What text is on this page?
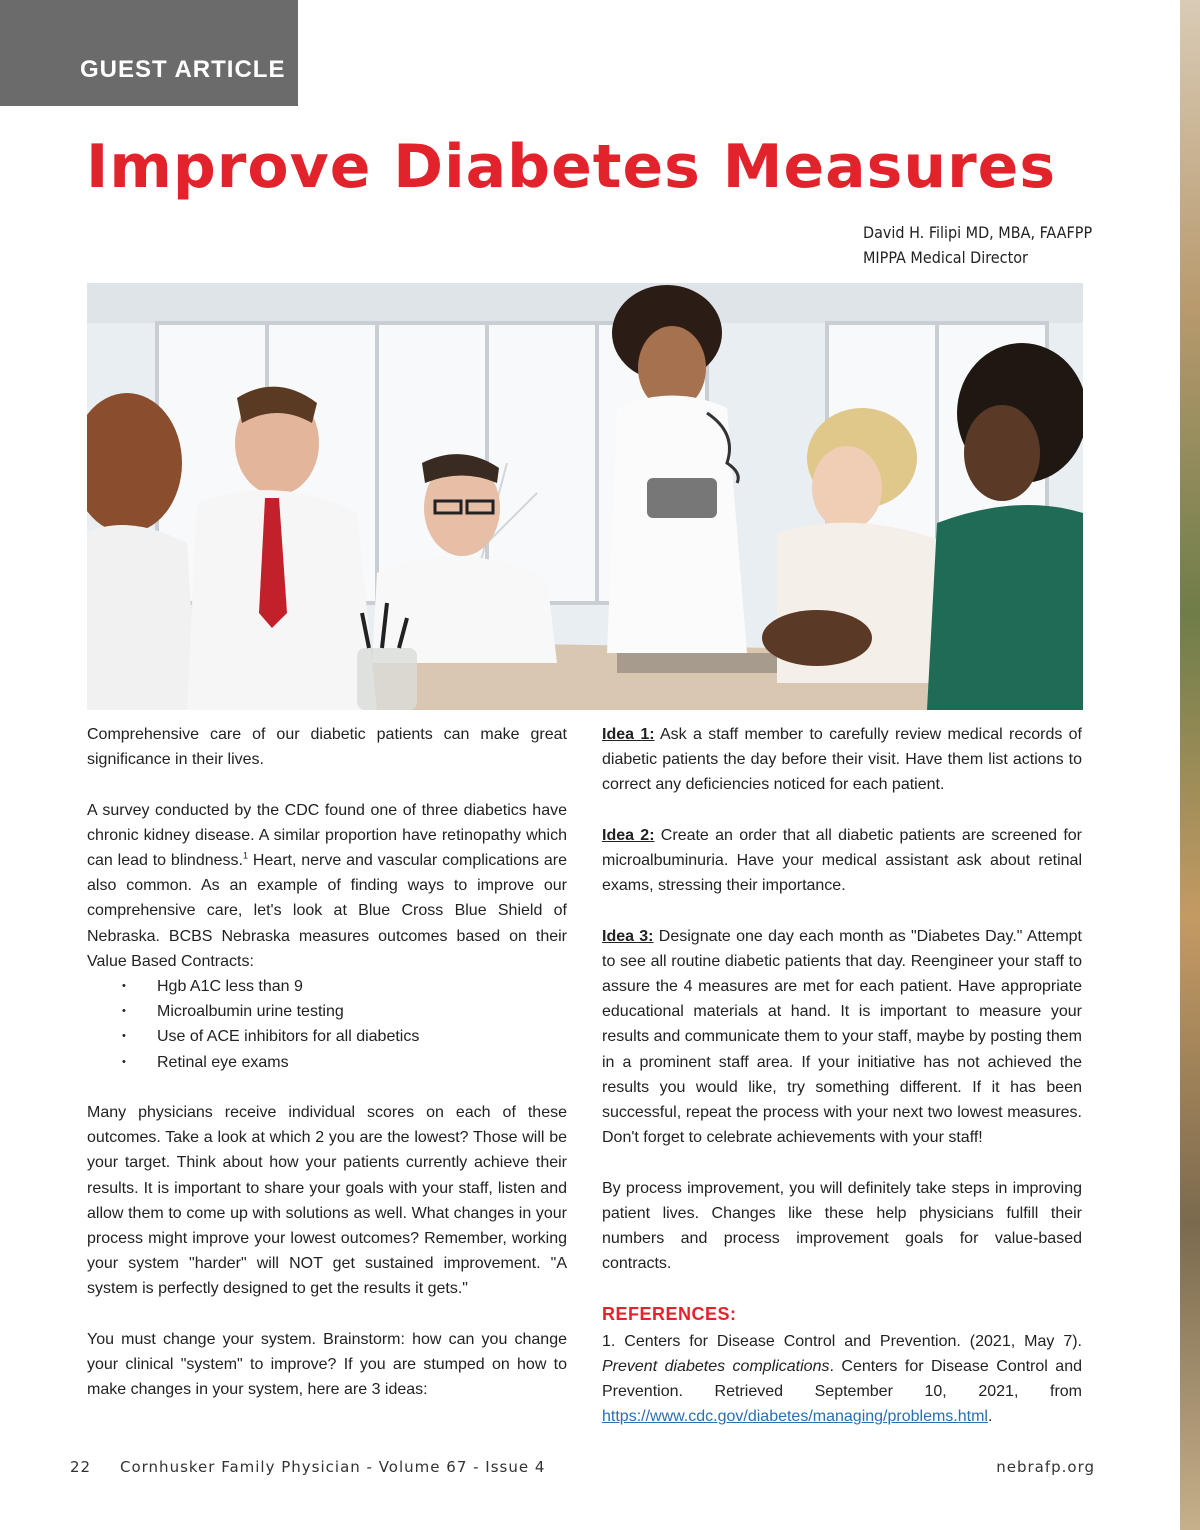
GUEST ARTICLE
Improve Diabetes Measures
David H. Filipi MD, MBA, FAAFPP
MIPPA Medical Director

Comprehensive care of our diabetic patients can make great significance in their lives.

A survey conducted by the CDC found one of three diabetics have chronic kidney disease. A similar proportion have retinopathy which can lead to blindness.$^1$ Heart, nerve and vascular complications are also common. As an example of finding ways to improve our comprehensive care, let's look at Blue Cross Blue Shield of Nebraska. BCBS Nebraska measures outcomes based on their Value Based Contracts:

• Hgb A1C less than 9
• Microalbumin urine testing
• Use of ACE inhibitors for all diabetics
• Retinal eye exams

Many physicians receive individual scores on each of these outcomes. Take a look at which 2 you are the lowest? Those will be your target. Think about how your patients currently achieve their results. It is important to share your goals with your staff, listen and allow them to come up with solutions as well. What changes in your process might improve your lowest outcomes? Remember, working your system "harder" will NOT get sustained improvement. "A system is perfectly designed to get the results it gets."

You must change your system. Brainstorm: how can you change your clinical "system" to improve? If you are stumped on how to make changes in your system, here are 3 ideas:

Idea 1: Ask a staff member to carefully review medical records of diabetic patients the day before their visit. Have them list actions to correct any deficiencies noticed for each patient.

Idea 2: Create an order that all diabetic patients are screened for microalbuminuria. Have your medical assistant ask about retinal exams, stressing their importance.

Idea 3: Designate one day each month as "Diabetes Day." Attempt to see all routine diabetic patients that day. Reengineer your staff to assure the 4 measures are met for each patient. Have appropriate educational materials at hand. It is important to measure your results and communicate them to your staff, maybe by posting them in a prominent staff area. If your initiative has not achieved the results you would like, try something different. If it has been successful, repeat the process with your next two lowest measures. Don't forget to celebrate achievements with your staff!

By process improvement, you will definitely take steps in improving patient lives. Changes like these help physicians fulfill their numbers and process improvement goals for value-based contracts.

REFERENCES:

1. Centers for Disease Control and Prevention. (2021, May 7). Prevent diabetes complications. Centers for Disease Control and Prevention. Retrieved September 10, 2021, from https://www.cdc.gov/diabetes/managing/problems.html.

22 Cornhusker Family Physician - Volume 67 - Issue 4	nebrafp.org
